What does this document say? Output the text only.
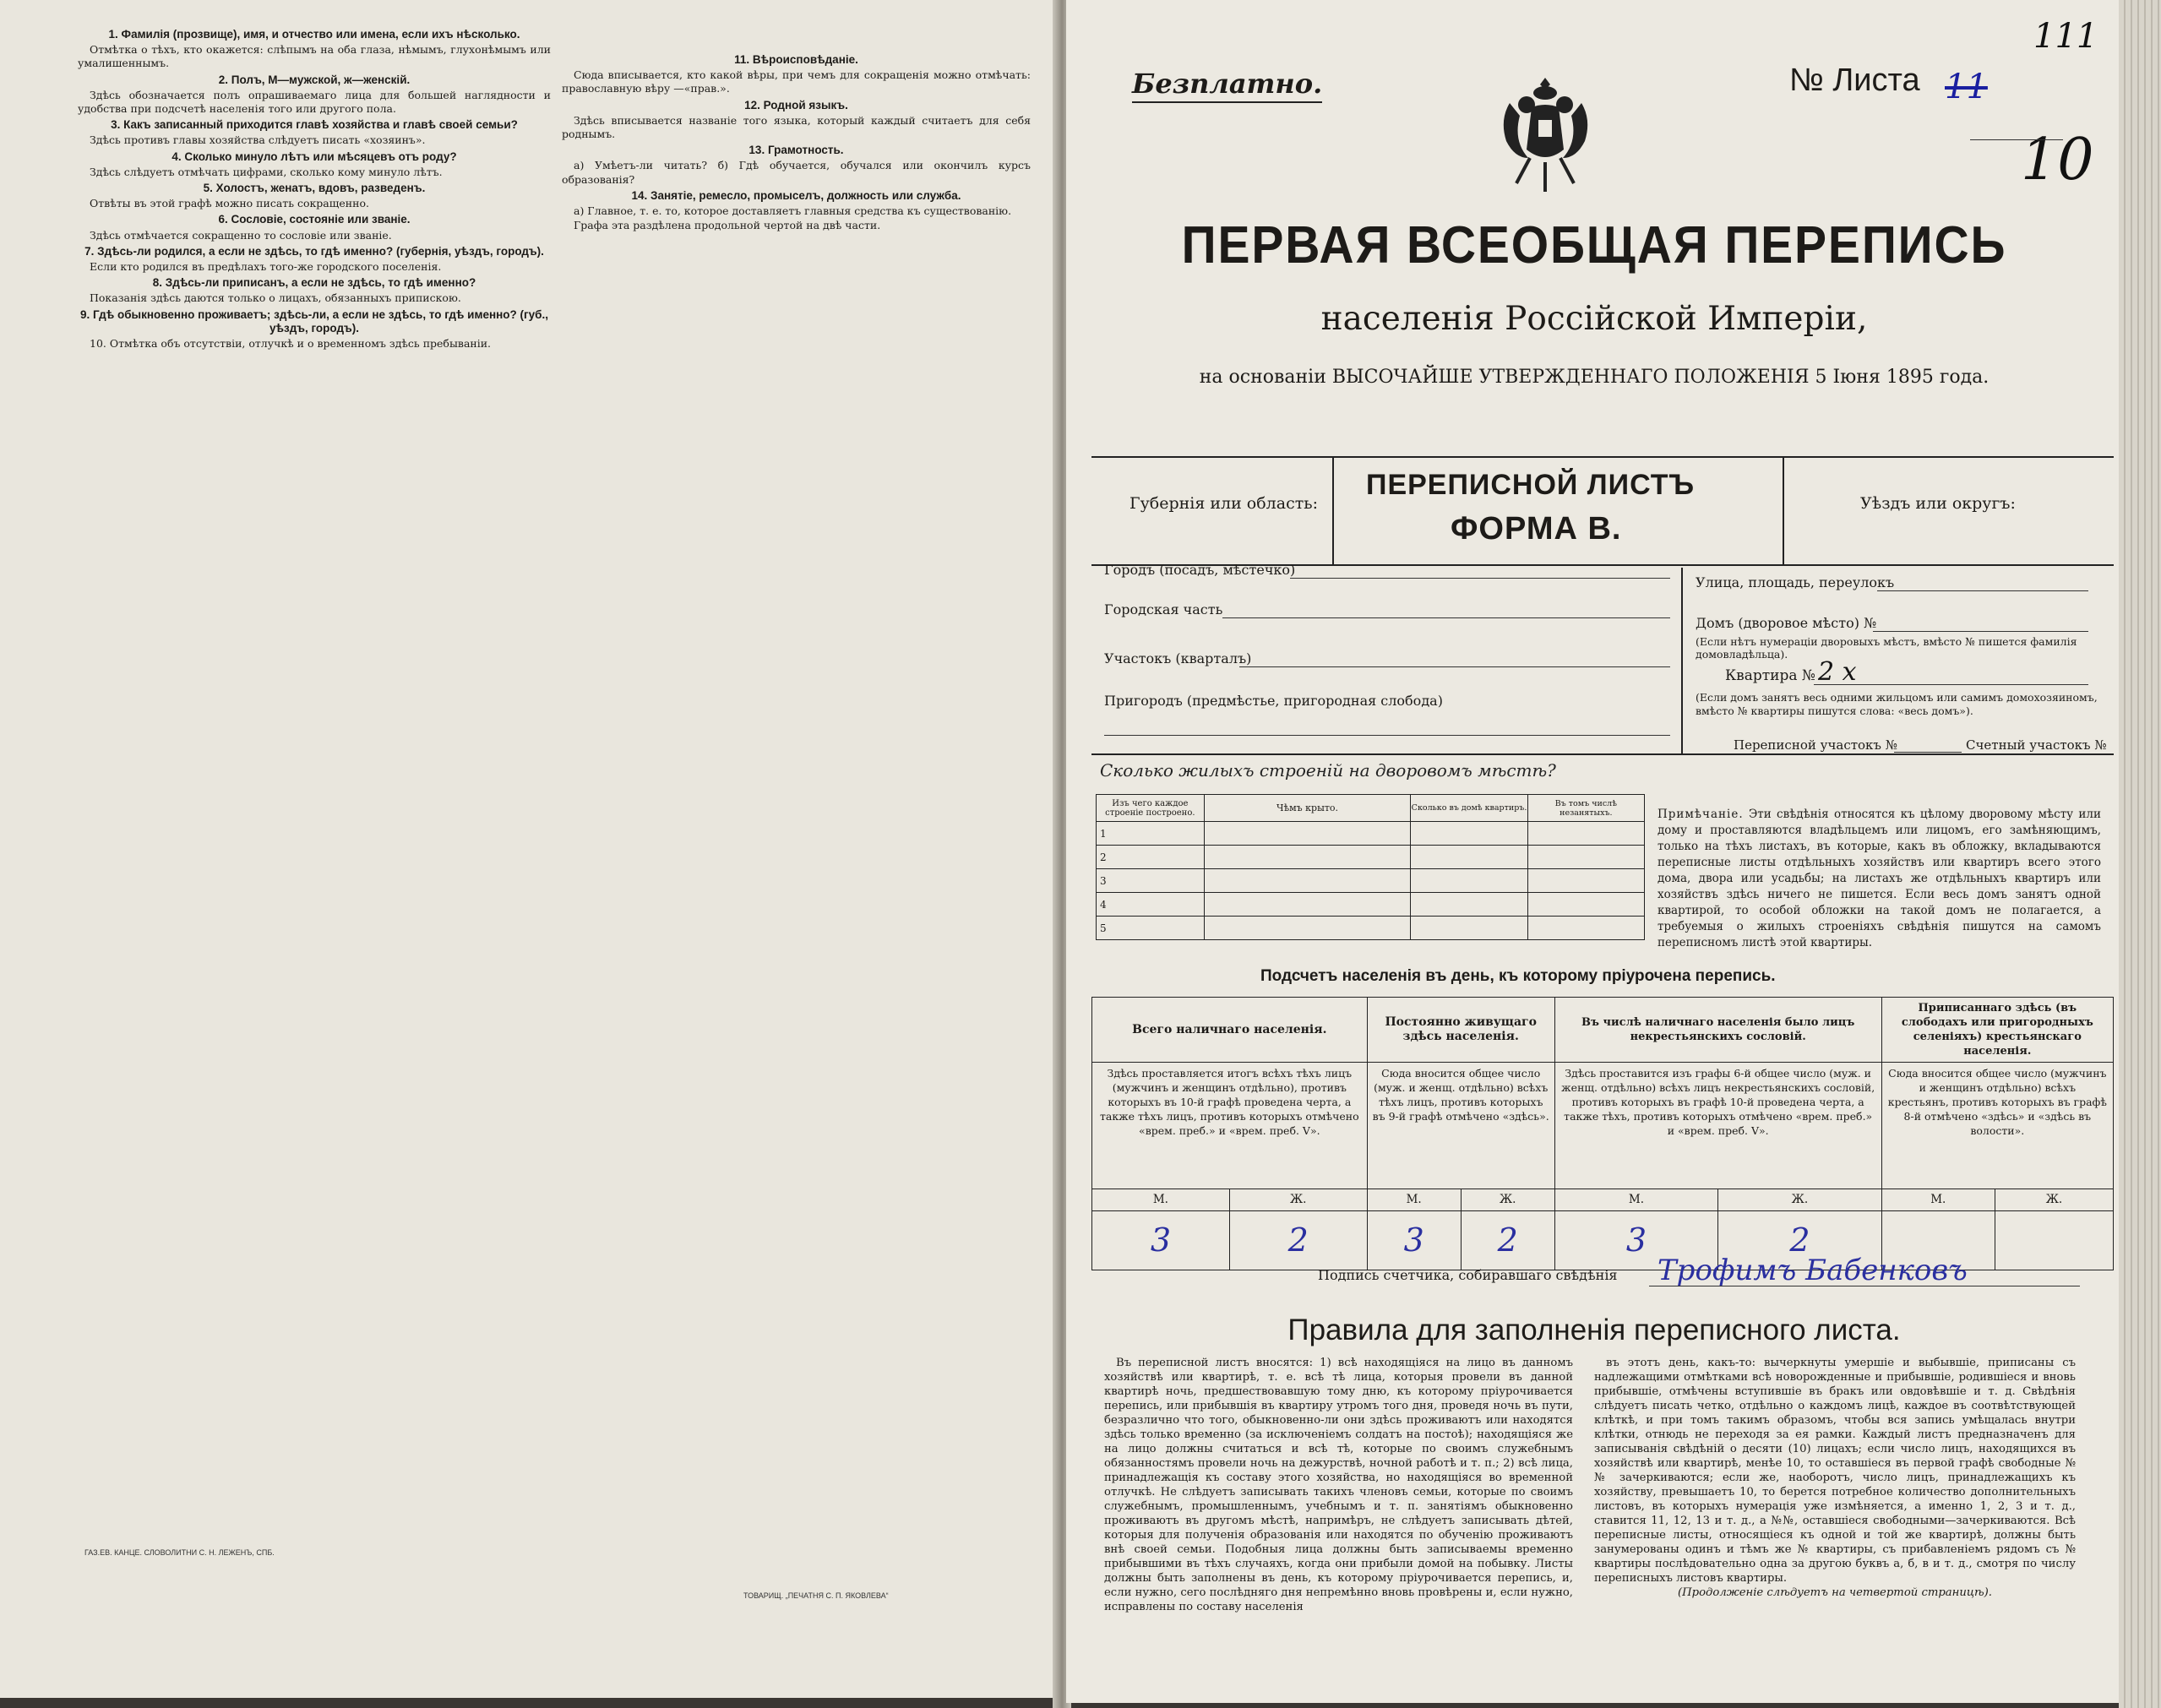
1. Фамилія (прозвище), имя, и отчество или имена, если ихъ нѣсколько.

Отмѣтка о тѣхъ, кто окажется: слѣпымъ на оба глаза, нѣмымъ, глухонѣмымъ или умалишеннымъ.

2. Полъ, М—мужской, ж—женскій.

Здѣсь обозначается полъ опрашиваемаго лица для большей наглядности и удобства при подсчетѣ населенія того или другого пола.

3. Какъ записанный приходится главѣ хозяйства и главѣ своей семьи?

Здѣсь противъ главы хозяйства слѣдуетъ писать «хозяинъ».

4. Сколько минуло лѣтъ или мѣсяцевъ отъ роду?

Здѣсь слѣдуетъ отмѣчать цифрами, сколько кому минуло лѣтъ.

5. Холостъ, женатъ, вдовъ, разведенъ.

Отвѣты въ этой графѣ можно писать сокращенно.

6. Сословіе, состояніе или званіе.

Здѣсь отмѣчается сокращенно то сословіе или званіе.

7. Здѣсь-ли родился, а если не здѣсь, то гдѣ именно? (губернія, уѣздъ, городъ).

Если кто родился въ предѣлахъ того-же городского поселенія.

8. Здѣсь-ли приписанъ, а если не здѣсь, то гдѣ именно?

Показанія здѣсь даются только о лицахъ, обязанныхъ припискою.

9. Гдѣ обыкновенно проживаетъ; здѣсь-ли, а если не здѣсь, то гдѣ именно? (губ., уѣздъ, городъ).

10. Отмѣтка объ отсутствіи, отлучкѣ и о временномъ здѣсь пребываніи.

11. Вѣроисповѣданіе.

Сюда вписывается, кто какой вѣры, при чемъ для сокращенія можно отмѣчать: православную вѣру —«прав.».

12. Родной языкъ.

Здѣсь вписывается названіе того языка, который каждый считаетъ для себя роднымъ.

13. Грамотность.

а) Умѣетъ-ли читать? б) Гдѣ обучается, обучался или окончилъ курсъ образованія?

14. Занятіе, ремесло, промыселъ, должность или служба.

а) Главное, т. е. то, которое доставляетъ главныя средства къ существованію.

Графа эта раздѣлена продольной чертой на двѣ части.

ГАЗ.ЕВ. КАНЦЕ. СЛОВОЛИТНИ С. Н. ЛЕЖЕНЪ, СПБ.
ТОВАРИЩ. „ПЕЧАТНЯ С. П. ЯКОВЛЕВА“
Безплатно.	№ Листа 11
10
111
ПЕРВАЯ ВСЕОБЩАЯ ПЕРЕПИСЬ
населенія Россійской Имперіи,
на основаніи ВЫСОЧАЙШЕ УТВЕРЖДЕННАГО ПОЛОЖЕНІЯ 5 Іюня 1895 года.
Губернія или область:
ПЕРЕПИСНОЙ ЛИСТЪ
ФОРМА В.
Уѣздъ или округъ:
Городъ (посадъ, мѣстечко)
Городская часть
Участокъ (кварталъ)
Пригородъ (предмѣстье, пригородная слобода)
Улица, площадь, переулокъ
Домъ (дворовое мѣсто) №
(Если нѣтъ нумераціи дворовыхъ мѣстъ, вмѣсто № пишется фамилія домовладѣльца).
Квартира № 2 x
(Если домъ занятъ весь одними жильцомъ или самимъ домохозяиномъ, вмѣсто № квартиры пишутся слова: «весь домъ»).
Переписной участокъ №	Счетный участокъ №
Сколько жилыхъ строеній на дворовомъ мѣстѣ?
Изъ чего каждое строеніе построено.	Чѣмъ крыто.	Сколько въ домѣ квартиръ.	Въ томъ числѣ незанятыхъ.
1			
2			
3			
4			
5			
Примѣчаніе. Эти свѣдѣнія относятся къ цѣлому дворовому мѣсту или дому и проставляются владѣльцемъ или лицомъ, его замѣняющимъ, только на тѣхъ листахъ, въ которые, какъ въ обложку, вкладываются переписные листы отдѣльныхъ хозяйствъ или квартиръ всего этого дома, двора или усадьбы; на листахъ же отдѣльныхъ квартиръ или хозяйствъ здѣсь ничего не пишется. Если весь домъ занятъ одной квартирой, то особой обложки на такой домъ не полагается, а требуемыя о жилыхъ строеніяхъ свѣдѣнія пишутся на самомъ переписномъ листѣ этой квартиры.
Подсчетъ населенія въ день, къ которому пріурочена перепись.
Всего наличнаго населенія.		Постоянно живущаго здѣсь населенія.		Въ числѣ наличнаго населенія было лицъ некрестьянскихъ сословій.		Приписаннаго здѣсь (въ слободахъ или пригородныхъ селеніяхъ) крестьянскаго населенія.	
Здѣсь проставляется итогъ всѣхъ тѣхъ лицъ (мужчинъ и женщинъ отдѣльно), противъ которыхъ въ 10-й графѣ проведена черта, а также тѣхъ лицъ, противъ которыхъ отмѣчено «врем. преб.» и «врем. преб. V».		Сюда вносится общее число (муж. и женщ. отдѣльно) всѣхъ тѣхъ лицъ, противъ которыхъ въ 9-й графѣ отмѣчено «здѣсь».		Здѣсь проставится изъ графы 6-й общее число (муж. и женщ. отдѣльно) всѣхъ лицъ некрестьянскихъ сословій, противъ которыхъ въ графѣ 10-й проведена черта, а также тѣхъ, противъ которыхъ отмѣчено «врем. преб.» и «врем. преб. V».		Сюда вносится общее число (мужчинъ и женщинъ отдѣльно) всѣхъ крестьянъ, противъ которыхъ въ графѣ 8-й отмѣчено «здѣсь» и «здѣсь въ волости».	
М.	Ж.	М.	Ж.	М.	Ж.	М.	Ж.
3	2	3	2	3	2		
Подпись счетчика, собиравшаго свѣдѣнія Трофимъ Бабенковъ
Правила для заполненія переписного листа.

Въ переписной листъ вносятся: 1) всѣ находящіяся на лицо въ данномъ хозяйствѣ или квартирѣ, т. е. всѣ тѣ лица, которыя провели въ данной квартирѣ ночь, предшествовавшую тому дню, къ которому пріурочивается перепись, или прибывшія въ квартиру утромъ того дня, проведя ночь въ пути, безразлично что того, обыкновенно-ли они здѣсь проживаютъ или находятся здѣсь только временно (за исключеніемъ солдатъ на постоѣ); находящіяся же на лицо должны считаться и всѣ тѣ, которые по своимъ служебнымъ обязанностямъ провели ночь на дежурствѣ, ночной работѣ и т. п.; 2) всѣ лица, принадлежащія къ составу этого хозяйства, но находящіяся во временной отлучкѣ. Не слѣдуетъ записывать такихъ членовъ семьи, которые по своимъ служебнымъ, промышленнымъ, учебнымъ и т. п. занятіямъ обыкновенно проживаютъ въ другомъ мѣстѣ, напримѣръ, не слѣдуетъ записывать дѣтей, которыя для полученія образованія или находятся по обученію проживаютъ внѣ своей семьи. Подобныя лица должны быть записываемы временно прибывшими въ тѣхъ случаяхъ, когда они прибыли домой на побывку. Листы должны быть заполнены въ день, къ которому пріурочивается перепись, и, если нужно, сего послѣдняго дня непремѣнно вновь провѣрены и, если нужно, исправлены по составу населенія

въ этотъ день, какъ-то: вычеркнуты умершіе и выбывшіе, приписаны съ надлежащими отмѣтками всѣ новорожденные и прибывшіе, родившіеся и вновь прибывшіе, отмѣчены вступившіе въ бракъ или овдовѣвшіе и т. д. Свѣдѣнія слѣдуетъ писать четко, отдѣльно о каждомъ лицѣ, каждое въ соотвѣтствующей клѣткѣ, и при томъ такимъ образомъ, чтобы вся запись умѣщалась внутри клѣтки, отнюдь не переходя за ея рамки. Каждый листъ предназначенъ для записыванія свѣдѣній о десяти (10) лицахъ; если число лицъ, находящихся въ хозяйствѣ или квартирѣ, менѣе 10, то оставшіеся въ первой графѣ свободные №№ зачеркиваются; если же, наоборотъ, число лицъ, принадлежащихъ къ хозяйству, превышаетъ 10, то берется потребное количество дополнительныхъ листовъ, въ которыхъ нумерація уже измѣняется, а именно 1, 2, 3 и т. д., ставится 11, 12, 13 и т. д., а №№, оставшіеся свободными—зачеркиваются. Всѣ переписные листы, относящіеся къ одной и той же квартирѣ, должны быть занумерованы одинъ и тѣмъ же № квартиры, съ прибавленіемъ рядомъ съ № квартиры послѣдовательно одна за другою буквъ а, б, в и т. д., смотря по числу переписныхъ листовъ квартиры.

(Продолженіе слѣдуетъ на четвертой страницѣ).
